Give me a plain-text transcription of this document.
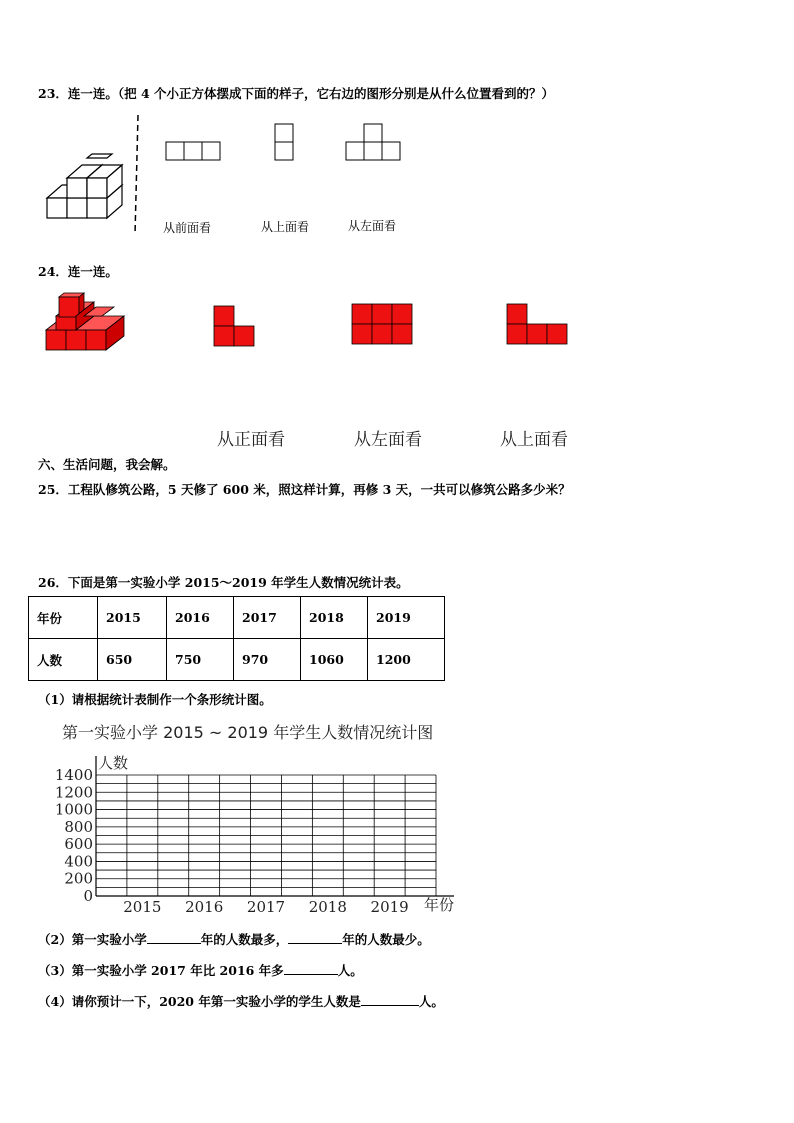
23．连一连。（把 4 个小正方体摆成下面的样子，它右边的图形分别是从什么位置看到的？）
从前面看	从上面看	从左面看
24．连一连。
从正面看	从左面看	从上面看
六、生活问题，我会解。
25．工程队修筑公路，5 天修了 600 米，照这样计算，再修 3 天，一共可以修筑公路多少米？
26．下面是第一实验小学 2015～2019 年学生人数情况统计表。
年份	2015	2016	2017	2018	2019
人数	650	750	970	1060	1200
（1）请根据统计表制作一个条形统计图。
第一实验小学 2015 ~ 2019 年学生人数情况统计图
0
200
400
600
800
1000
1200
1400
2015 2016 2017 2018 2019
人数
年份
（2）第一实验小学	年的人数最多，	年的人数最少。
（3）第一实验小学 2017 年比 2016 年多	人。
（4）请你预计一下，2020 年第一实验小学的学生人数是	人。
